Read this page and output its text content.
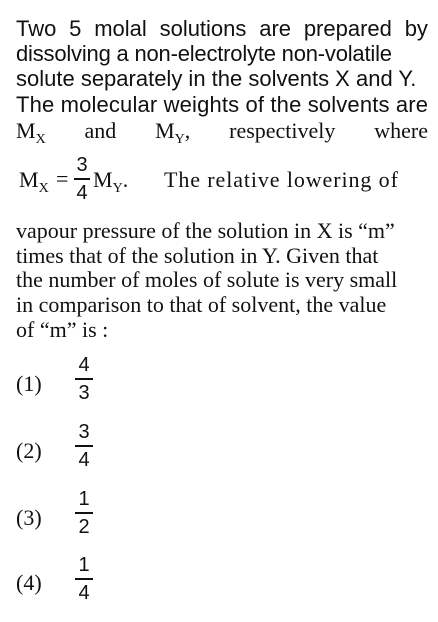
Two 5 molal solutions are prepared by
dissolving a non-electrolyte non-volatile
solute separately in the solvents X and Y.
The molecular weights of the solvents are
$M_X$ and $M_Y$, respectively where
$M_X = M_Y$. The relative lowering of
3
4
vapour pressure of the solution in X is “m”
times that of the solution in Y. Given that
the number of moles of solute is very small
in comparison to that of solvent, the value
of “m” is :
(1)
4
3
(2)
3
4
(3)
1
2
(4)
1
4
